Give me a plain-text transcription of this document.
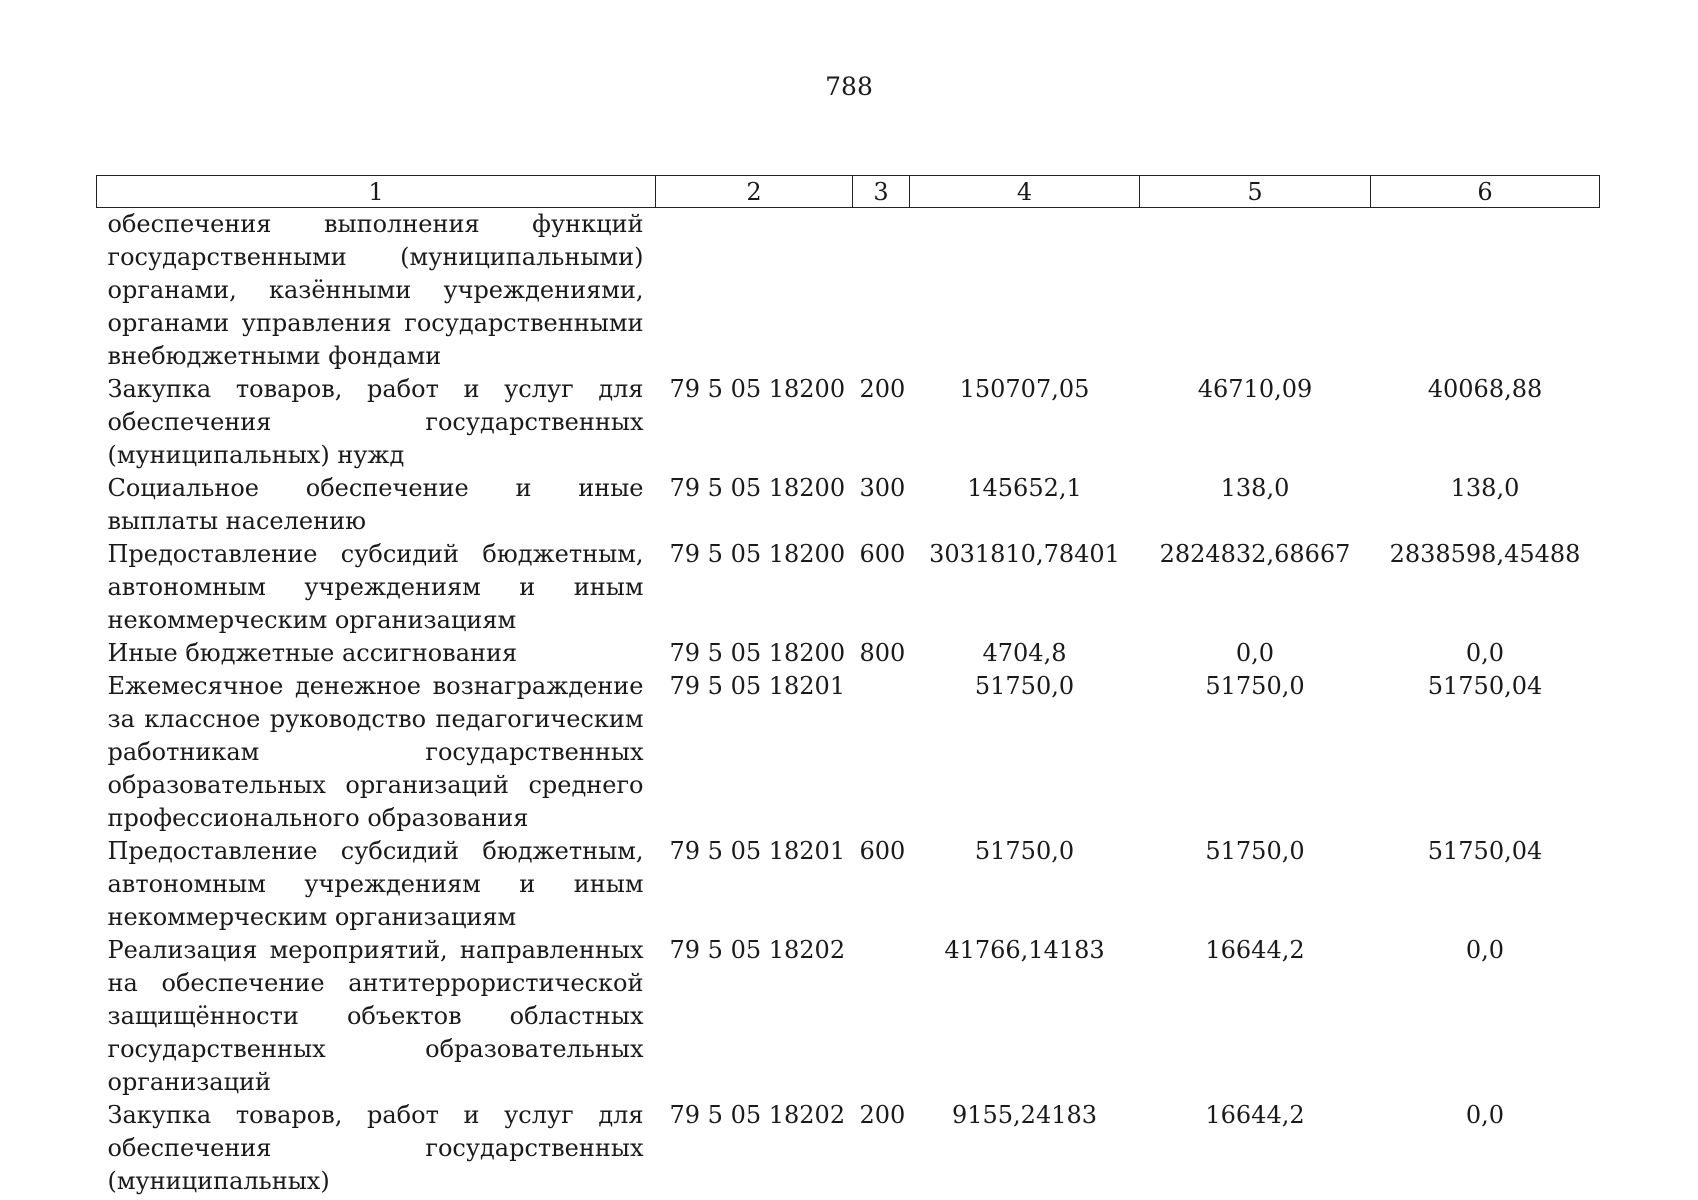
788
1	2	3	4	5	6
обеспечения выполнения функций государственными (муниципальными) органами, казёнными учреждениями, органами управления государственными внебюджетными фондами					
Закупка товаров, работ и услуг для обеспечения государственных (муниципальных) нужд	79 5 05 18200	200	150707,05	46710,09	40068,88
Социальное обеспечение и иные выплаты населению	79 5 05 18200	300	145652,1	138,0	138,0
Предоставление субсидий бюджетным, автономным учреждениям и иным некоммерческим организациям	79 5 05 18200	600	3031810,78401	2824832,68667	2838598,45488
Иные бюджетные ассигнования	79 5 05 18200	800	4704,8	0,0	0,0
Ежемесячное денежное вознаграждение за классное руководство педагогическим работникам государственных образовательных организаций среднего профессионального образования	79 5 05 18201		51750,0	51750,0	51750,04
Предоставление субсидий бюджетным, автономным учреждениям и иным некоммерческим организациям	79 5 05 18201	600	51750,0	51750,0	51750,04
Реализация мероприятий, направленных на обеспечение антитеррористической защищённости объектов областных государственных образовательных организаций	79 5 05 18202		41766,14183	16644,2	0,0
Закупка товаров, работ и услуг для обеспечения государственных (муниципальных)	79 5 05 18202	200	9155,24183	16644,2	0,0
